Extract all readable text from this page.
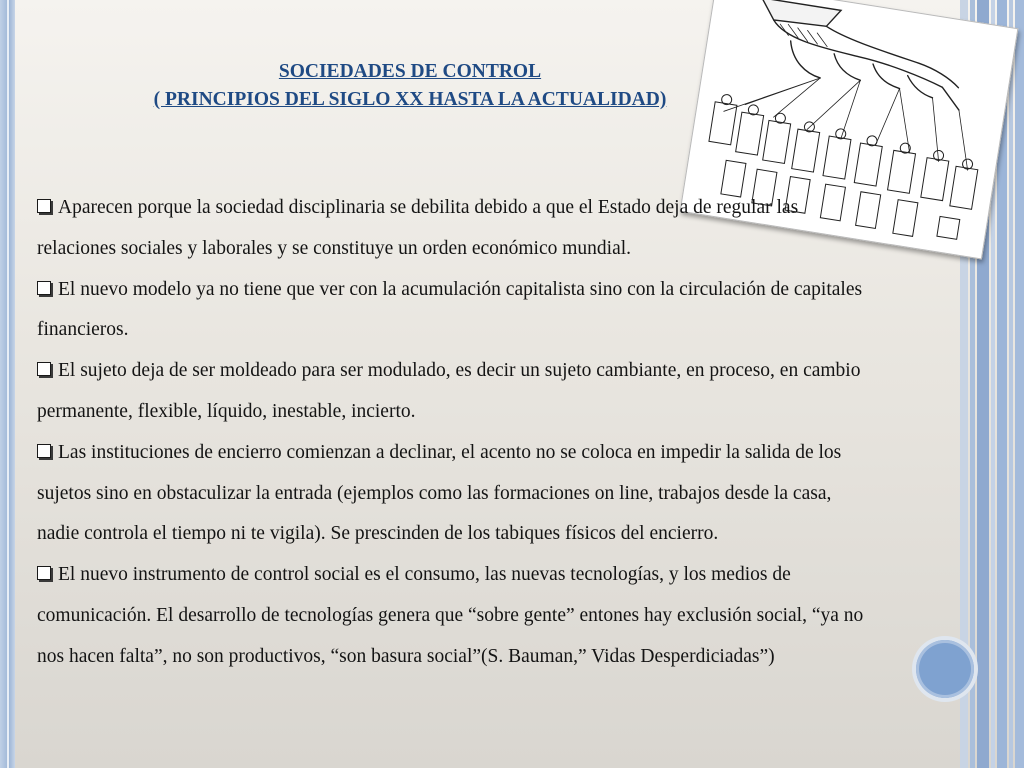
SOCIEDADES DE CONTROL
( PRINCIPIOS DEL SIGLO XX HASTA LA ACTUALIDAD)

Aparecen porque la sociedad disciplinaria se debilita debido a que el Estado deja de regular las relaciones sociales y laborales y se constituye un orden económico mundial.

El nuevo modelo ya no tiene que ver con la acumulación capitalista sino con la circulación de capitales financieros.

El sujeto deja de ser moldeado para ser modulado, es decir un sujeto cambiante, en proceso, en cambio permanente, flexible, líquido, inestable, incierto.

Las instituciones de encierro comienzan a declinar, el acento no se coloca en impedir la salida de los sujetos sino en obstaculizar la entrada (ejemplos como las formaciones on line, trabajos desde la casa, nadie controla el tiempo ni te vigila). Se prescinden de los tabiques físicos del encierro.

El nuevo instrumento de control social es el consumo, las nuevas tecnologías, y los medios de comunicación. El desarrollo de tecnologías genera que “sobre gente” entones hay exclusión social, “ya no nos hacen falta”, no son productivos, “son basura social”(S. Bauman,” Vidas Desperdiciadas”)
